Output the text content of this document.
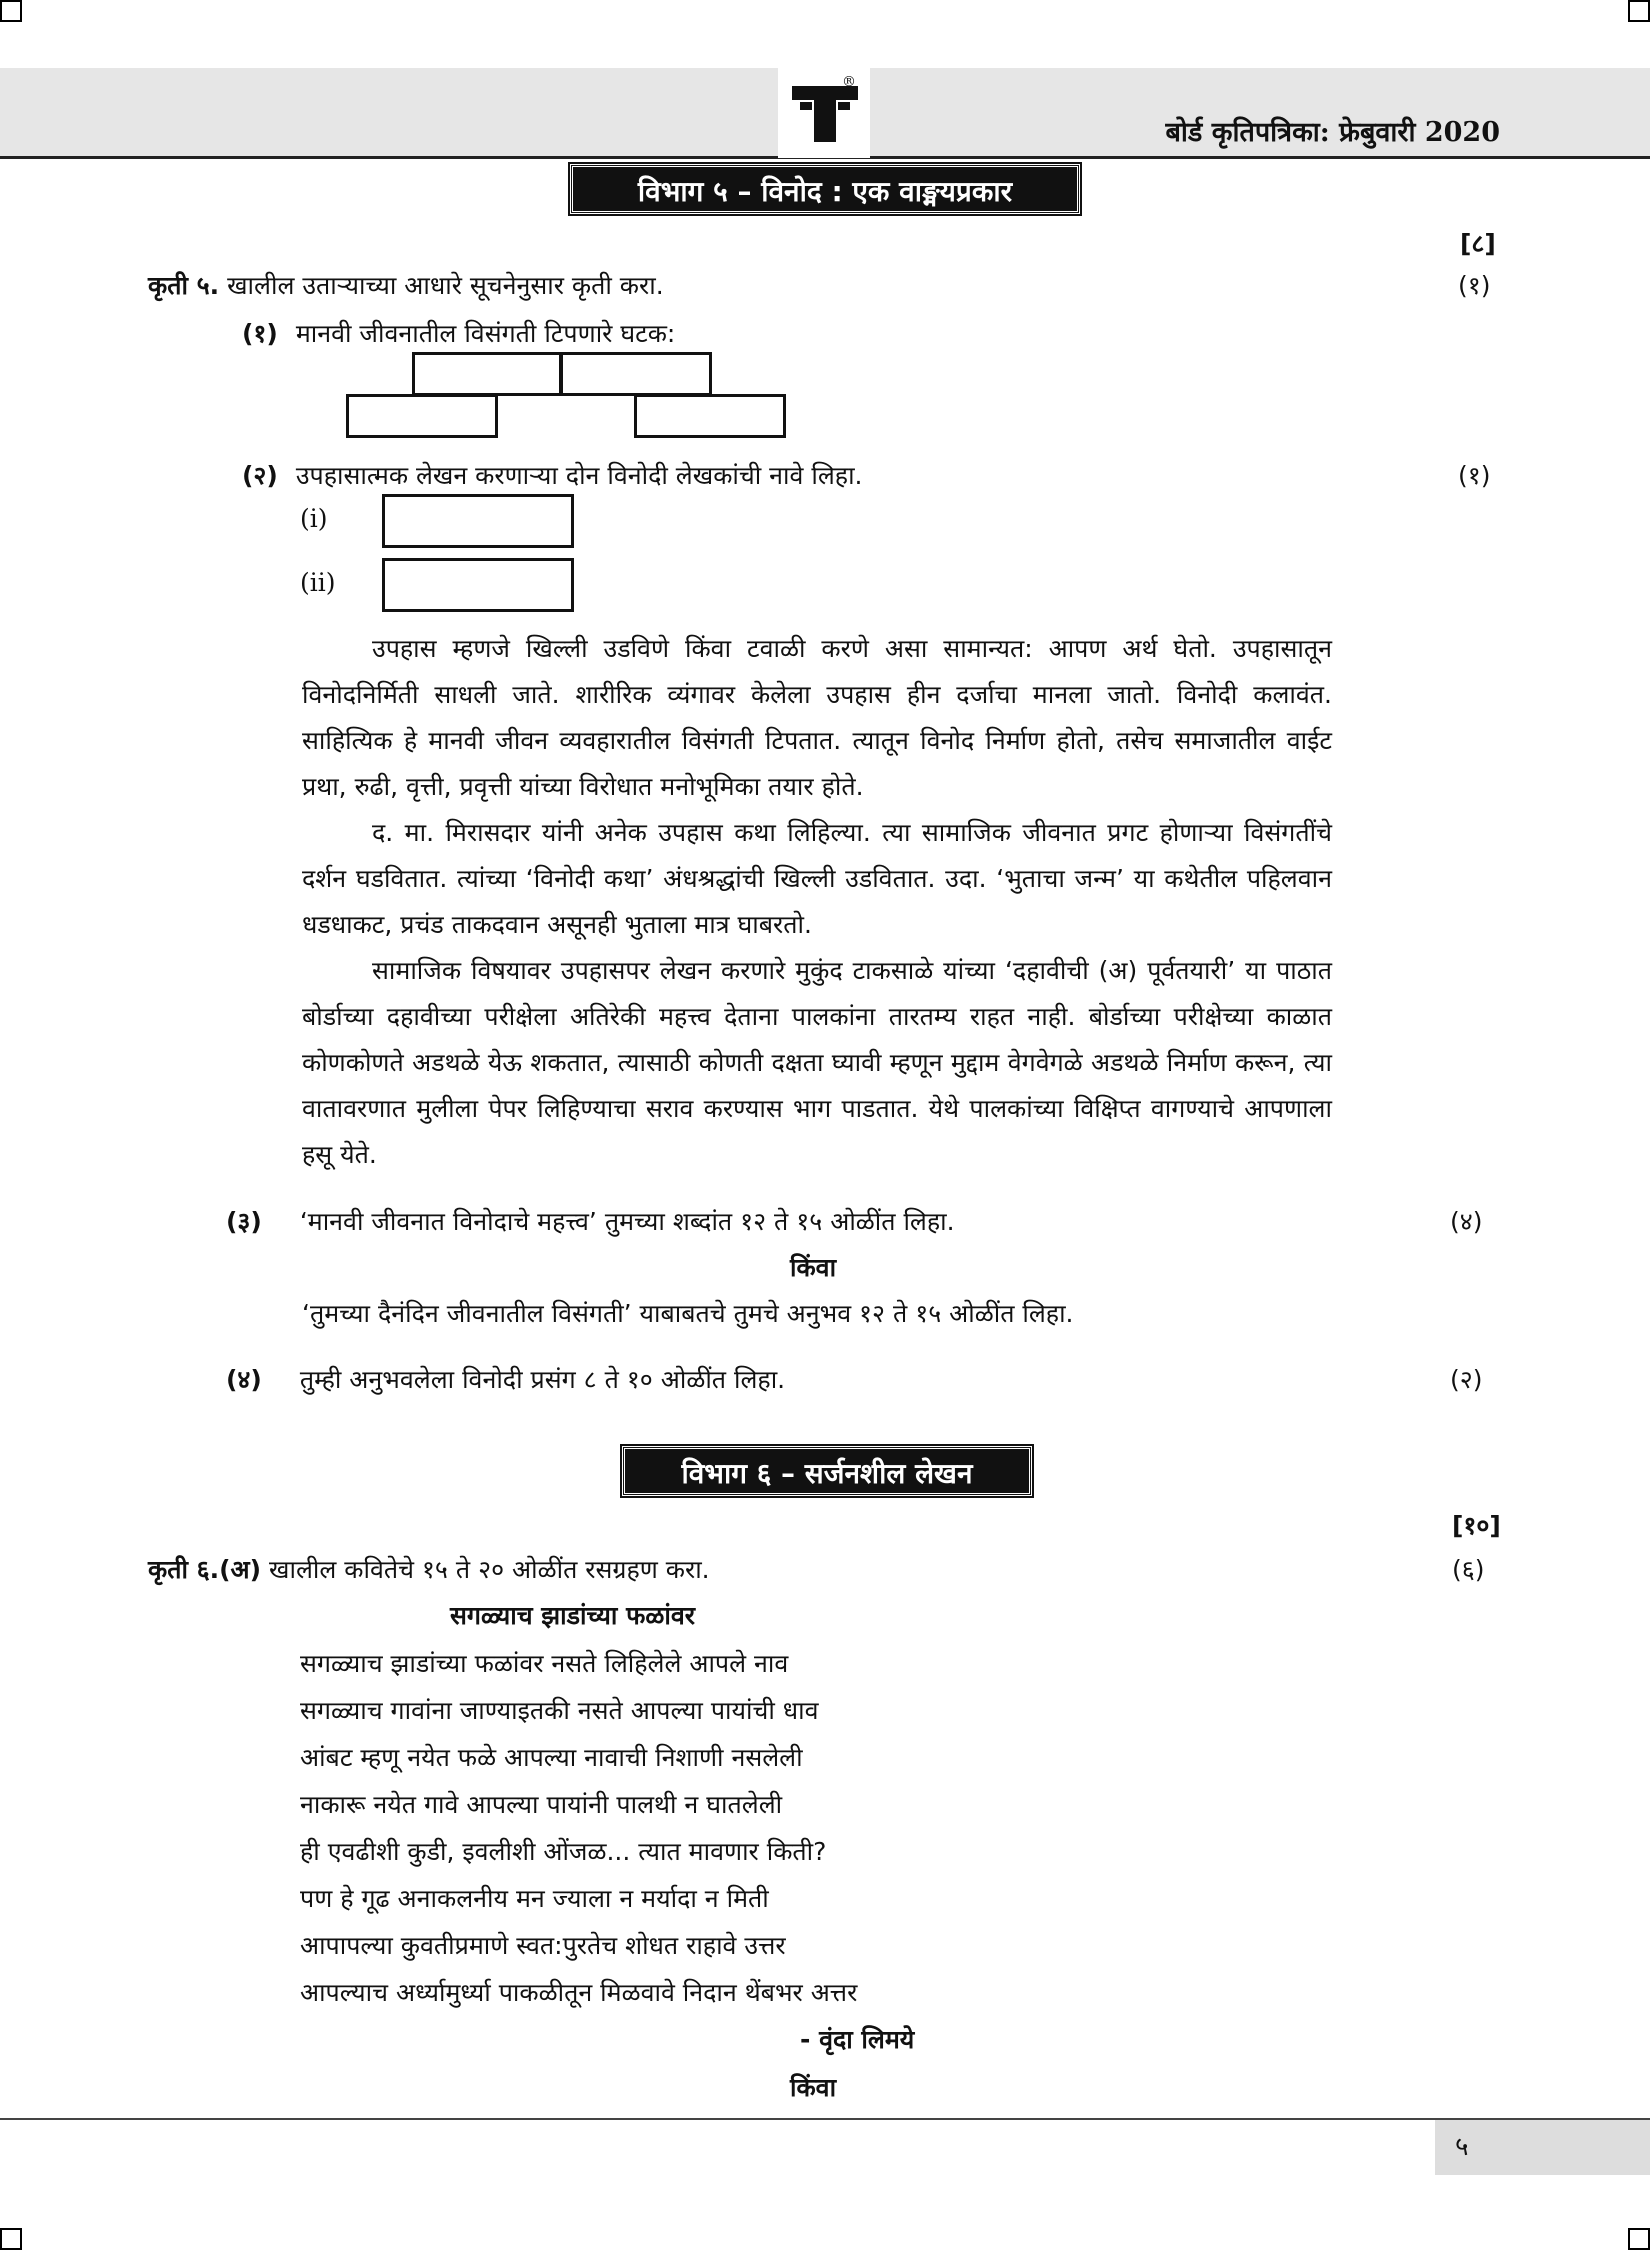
®
बोर्ड कृतिपत्रिका: फ्रेबुवारी 2020
विभाग ५ – विनोद : एक वाङ्मयप्रकार
[८]
कृती ५. खालील उताऱ्याच्या आधारे सूचनेनुसार कृती करा.	(१)
(१) मानवी जीवनातील विसंगती टिपणारे घटक:
(२) उपहासात्मक लेखन करणाऱ्या दोन विनोदी लेखकांची नावे लिहा.	(१)
(i)
(ii)

उपहास म्हणजे खिल्ली उडविणे किंवा टवाळी करणे असा सामान्यत: आपण अर्थ घेतो. उपहासातून विनोदनिर्मिती साधली जाते. शारीरिक व्यंगावर केलेला उपहास हीन दर्जाचा मानला जातो. विनोदी कलावंत. साहित्यिक हे मानवी जीवन व्यवहारातील विसंगती टिपतात. त्यातून विनोद निर्माण होतो, तसेच समाजातील वाईट प्रथा, रुढी, वृत्ती, प्रवृत्ती यांच्या विरोधात मनोभूमिका तयार होते.

द. मा. मिरासदार यांनी अनेक उपहास कथा लिहिल्या. त्या सामाजिक जीवनात प्रगट होणाऱ्या विसंगतींचे दर्शन घडवितात. त्यांच्या ‘विनोदी कथा’ अंधश्रद्धांची खिल्ली उडवितात. उदा. ‘भुताचा जन्म’ या कथेतील पहिलवान धडधाकट, प्रचंड ताकदवान असूनही भुताला मात्र घाबरतो.

सामाजिक विषयावर उपहासपर लेखन करणारे मुकुंद टाकसाळे यांच्या ‘दहावीची (अ) पूर्वतयारी’ या पाठात बोर्डाच्या दहावीच्या परीक्षेला अतिरेकी महत्त्व देताना पालकांना तारतम्य राहत नाही. बोर्डाच्या परीक्षेच्या काळात कोणकोणते अडथळे येऊ शकतात, त्यासाठी कोणती दक्षता घ्यावी म्हणून मुद्दाम वेगवेगळे अडथळे निर्माण करून, त्या वातावरणात मुलीला पेपर लिहिण्याचा सराव करण्यास भाग पाडतात. येथे पालकांच्या विक्षिप्त वागण्याचे आपणाला हसू येते.

(३) ‘मानवी जीवनात विनोदाचे महत्त्व’ तुमच्या शब्दांत १२ ते १५ ओळींत लिहा.	(४)
किंवा
‘तुमच्या दैनंदिन जीवनातील विसंगती’ याबाबतचे तुमचे अनुभव १२ ते १५ ओळींत लिहा.
(४) तुम्ही अनुभवलेला विनोदी प्रसंग ८ ते १० ओळींत लिहा.	(२)
विभाग ६ – सर्जनशील लेखन
[१०]
कृती ६.(अ) खालील कवितेचे १५ ते २० ओळींत रसग्रहण करा.	(६)
सगळ्याच झाडांच्या फळांवर
सगळ्याच झाडांच्या फळांवर नसते लिहिलेले आपले नाव
सगळ्याच गावांना जाण्याइतकी नसते आपल्या पायांची धाव
आंबट म्हणू नयेत फळे आपल्या नावाची निशाणी नसलेली
नाकारू नयेत गावे आपल्या पायांनी पालथी न घातलेली
ही एवढीशी कुडी, इवलीशी ओंजळ... त्यात मावणार किती?
पण हे गूढ अनाकलनीय मन ज्याला न मर्यादा न मिती
आपापल्या कुवतीप्रमाणे स्वत:पुरतेच शोधत राहावे उत्तर
आपल्याच अर्ध्यामुर्ध्या पाकळीतून मिळवावे निदान थेंबभर अत्तर
- वृंदा लिमये
किंवा
५
